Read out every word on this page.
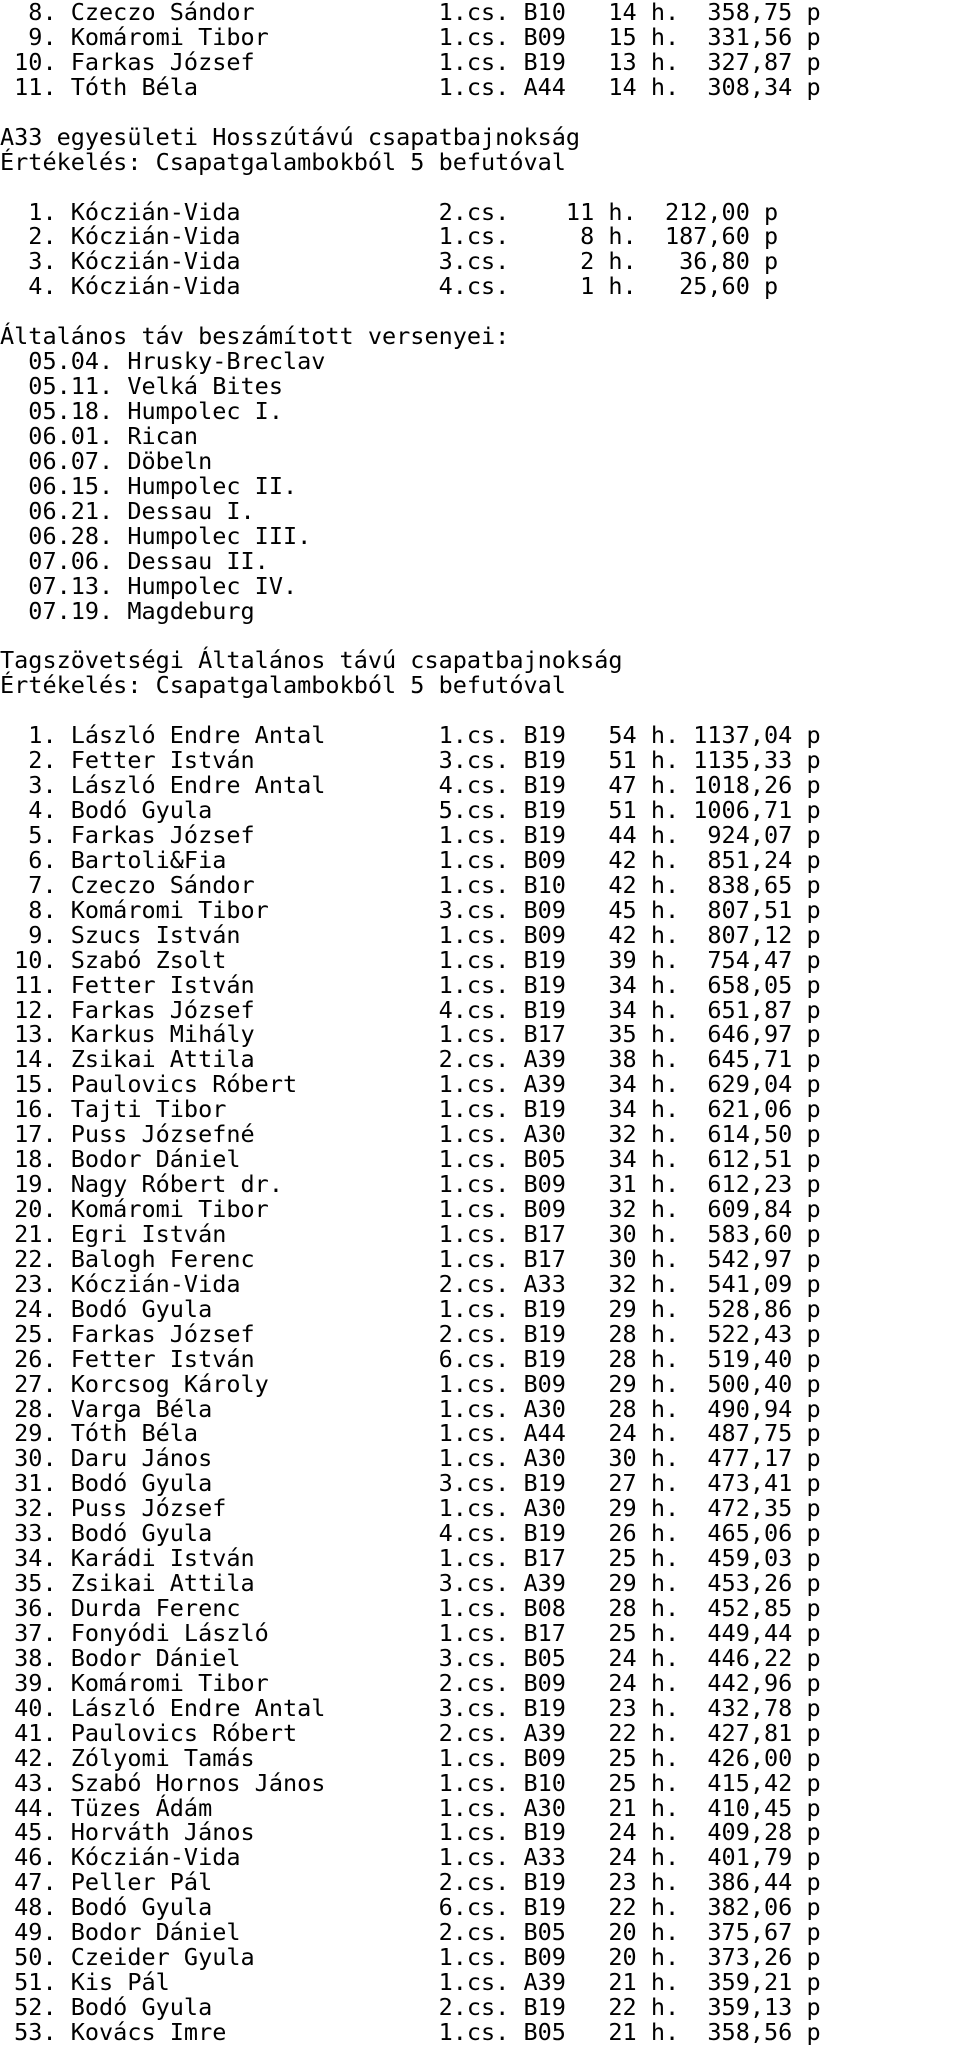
8. Czeczo Sándor             1.cs. B10   14 h.  358,75 p
9. Komáromi Tibor            1.cs. B09   15 h.  331,56 p
10. Farkas József             1.cs. B19   13 h.  327,87 p
11. Tóth Béla                 1.cs. A44   14 h.  308,34 p
A33 egyesületi Hosszútávú csapatbajnokság
Értékelés: Csapatgalambokból 5 befutóval
1. Kóczián-Vida              2.cs.    11 h.  212,00 p
2. Kóczián-Vida              1.cs.     8 h.  187,60 p
3. Kóczián-Vida              3.cs.     2 h.   36,80 p
4. Kóczián-Vida              4.cs.     1 h.   25,60 p
Általános táv beszámított versenyei:
05.04. Hrusky-Breclav
05.11. Velká Bites
05.18. Humpolec I.
06.01. Rican
06.07. Döbeln
06.15. Humpolec II.
06.21. Dessau I.
06.28. Humpolec III.
07.06. Dessau II.
07.13. Humpolec IV.
07.19. Magdeburg
Tagszövetségi Általános távú csapatbajnokság
Értékelés: Csapatgalambokból 5 befutóval
1. László Endre Antal        1.cs. B19   54 h. 1137,04 p
2. Fetter István             3.cs. B19   51 h. 1135,33 p
3. László Endre Antal        4.cs. B19   47 h. 1018,26 p
4. Bodó Gyula                5.cs. B19   51 h. 1006,71 p
5. Farkas József             1.cs. B19   44 h.  924,07 p
6. Bartoli&Fia               1.cs. B09   42 h.  851,24 p
7. Czeczo Sándor             1.cs. B10   42 h.  838,65 p
8. Komáromi Tibor            3.cs. B09   45 h.  807,51 p
9. Szucs István              1.cs. B09   42 h.  807,12 p
10. Szabó Zsolt               1.cs. B19   39 h.  754,47 p
11. Fetter István             1.cs. B19   34 h.  658,05 p
12. Farkas József             4.cs. B19   34 h.  651,87 p
13. Karkus Mihály             1.cs. B17   35 h.  646,97 p
14. Zsikai Attila             2.cs. A39   38 h.  645,71 p
15. Paulovics Róbert          1.cs. A39   34 h.  629,04 p
16. Tajti Tibor               1.cs. B19   34 h.  621,06 p
17. Puss Józsefné             1.cs. A30   32 h.  614,50 p
18. Bodor Dániel              1.cs. B05   34 h.  612,51 p
19. Nagy Róbert dr.           1.cs. B09   31 h.  612,23 p
20. Komáromi Tibor            1.cs. B09   32 h.  609,84 p
21. Egri István               1.cs. B17   30 h.  583,60 p
22. Balogh Ferenc             1.cs. B17   30 h.  542,97 p
23. Kóczián-Vida              2.cs. A33   32 h.  541,09 p
24. Bodó Gyula                1.cs. B19   29 h.  528,86 p
25. Farkas József             2.cs. B19   28 h.  522,43 p
26. Fetter István             6.cs. B19   28 h.  519,40 p
27. Korcsog Károly            1.cs. B09   29 h.  500,40 p
28. Varga Béla                1.cs. A30   28 h.  490,94 p
29. Tóth Béla                 1.cs. A44   24 h.  487,75 p
30. Daru János                1.cs. A30   30 h.  477,17 p
31. Bodó Gyula                3.cs. B19   27 h.  473,41 p
32. Puss József               1.cs. A30   29 h.  472,35 p
33. Bodó Gyula                4.cs. B19   26 h.  465,06 p
34. Karádi István             1.cs. B17   25 h.  459,03 p
35. Zsikai Attila             3.cs. A39   29 h.  453,26 p
36. Durda Ferenc              1.cs. B08   28 h.  452,85 p
37. Fonyódi László            1.cs. B17   25 h.  449,44 p
38. Bodor Dániel              3.cs. B05   24 h.  446,22 p
39. Komáromi Tibor            2.cs. B09   24 h.  442,96 p
40. László Endre Antal        3.cs. B19   23 h.  432,78 p
41. Paulovics Róbert          2.cs. A39   22 h.  427,81 p
42. Zólyomi Tamás             1.cs. B09   25 h.  426,00 p
43. Szabó Hornos János        1.cs. B10   25 h.  415,42 p
44. Tüzes Ádám                1.cs. A30   21 h.  410,45 p
45. Horváth János             1.cs. B19   24 h.  409,28 p
46. Kóczián-Vida              1.cs. A33   24 h.  401,79 p
47. Peller Pál                2.cs. B19   23 h.  386,44 p
48. Bodó Gyula                6.cs. B19   22 h.  382,06 p
49. Bodor Dániel              2.cs. B05   20 h.  375,67 p
50. Czeider Gyula             1.cs. B09   20 h.  373,26 p
51. Kis Pál                   1.cs. A39   21 h.  359,21 p
52. Bodó Gyula                2.cs. B19   22 h.  359,13 p
53. Kovács Imre               1.cs. B05   21 h.  358,56 p
